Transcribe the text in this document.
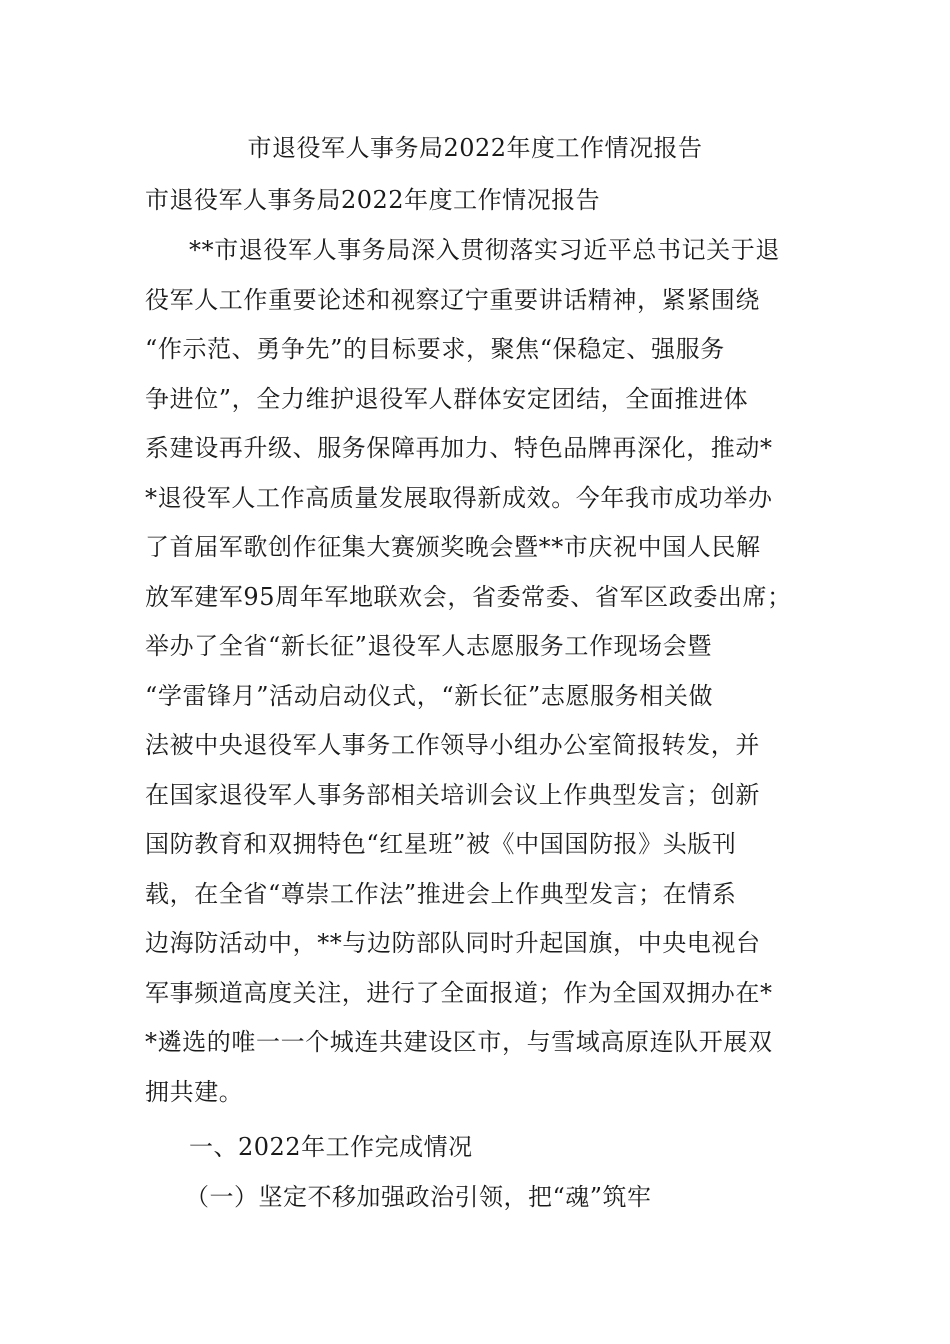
市退役军人事务局2022年度工作情况报告
市退役军人事务局2022年度工作情况报告
**市退役军人事务局深入贯彻落实习近平总书记关于退
役军人工作重要论述和视察辽宁重要讲话精神，紧紧围绕
“作示范、勇争先”的目标要求，聚焦“保稳定、强服务
争进位”，全力维护退役军人群体安定团结，全面推进体
系建设再升级、服务保障再加力、特色品牌再深化，推动*
*退役军人工作高质量发展取得新成效。今年我市成功举办
了首届军歌创作征集大赛颁奖晚会暨**市庆祝中国人民解
放军建军95周年军地联欢会，省委常委、省军区政委出席；
举办了全省“新长征”退役军人志愿服务工作现场会暨
“学雷锋月”活动启动仪式，“新长征”志愿服务相关做
法被中央退役军人事务工作领导小组办公室简报转发，并
在国家退役军人事务部相关培训会议上作典型发言；创新
国防教育和双拥特色“红星班”被《中国国防报》头版刊
载，在全省“尊崇工作法”推进会上作典型发言；在情系
边海防活动中，**与边防部队同时升起国旗，中央电视台
军事频道高度关注，进行了全面报道；作为全国双拥办在*
*遴选的唯一一个城连共建设区市，与雪域高原连队开展双
拥共建。
一、2022年工作完成情况
（一）坚定不移加强政治引领，把“魂”筑牢
